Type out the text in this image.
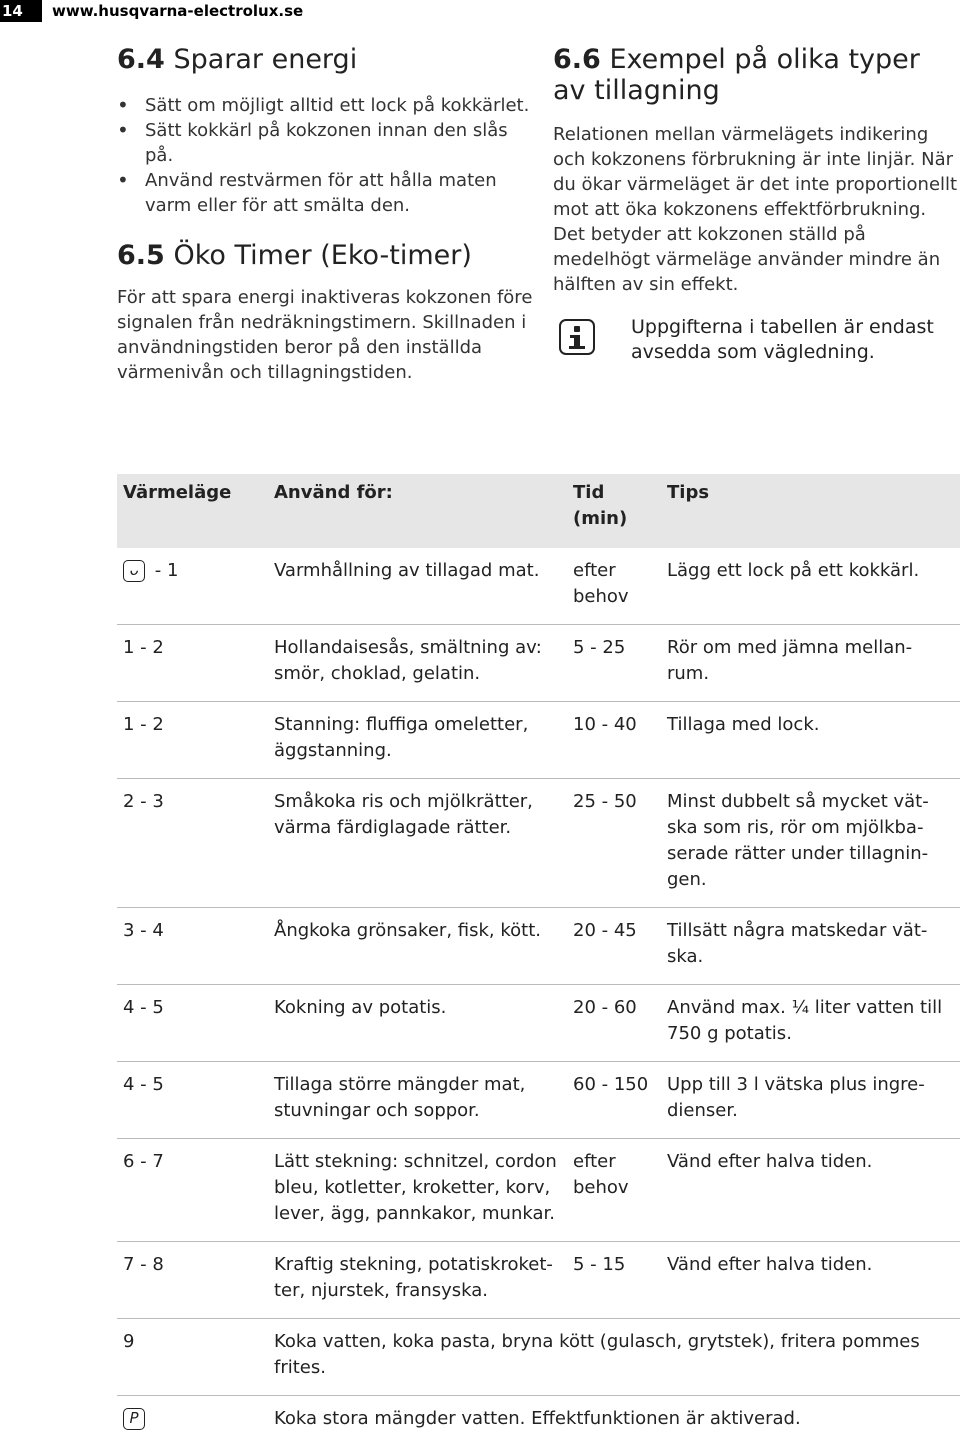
14	www.husqvarna-electrolux.se
6.4 Sparar energi
• Sätt om möjligt alltid ett lock på kokkärlet.
• Sätt kokkärl på kokzonen innan den slås på.
• Använd restvärmen för att hålla maten varm eller för att smälta den.
6.5 Öko Timer (Eko-timer)

För att spara energi inaktiveras kokzonen före signalen från nedräkningstimern. Skillnaden i användningstiden beror på den inställda värmenivån och tillagningstiden.

6.6 Exempel på olika typer av tillagning

Relationen mellan värmelägets indikering och kokzonens förbrukning är inte linjär. När du ökar värmeläget är det inte proportionellt mot att öka kokzonens effektförbrukning. Det betyder att kokzonen ställd på medelhögt värmeläge använder mindre än hälften av sin effekt.

Uppgifterna i tabellen är endast avsedda som vägledning.
Värmeläge	Använd för:	Tid (min)	Tips
ᴗ - 1	Varmhållning av tillagad mat.	efter behov	Lägg ett lock på ett kokkärl.
1 - 2	Hollandaisesås, smältning av: smör, choklad, gelatin.	5 - 25	Rör om med jämna mellan-rum.
1 - 2	Stanning: fluffiga omeletter, äggstanning.	10 - 40	Tillaga med lock.
2 - 3	Småkoka ris och mjölkrätter, värma färdiglagade rätter.	25 - 50	Minst dubbelt så mycket vät-ska som ris, rör om mjölkba-serade rätter under tillagnin-gen.
3 - 4	Ångkoka grönsaker, fisk, kött.	20 - 45	Tillsätt några matskedar vät-ska.
4 - 5	Kokning av potatis.	20 - 60	Använd max. ¼ liter vatten till 750 g potatis.
4 - 5	Tillaga större mängder mat, stuvningar och soppor.	60 - 150	Upp till 3 l vätska plus ingre-dienser.
6 - 7	Lätt stekning: schnitzel, cordon bleu, kotletter, kroketter, korv, lever, ägg, pannkakor, munkar.	efter behov	Vänd efter halva tiden.
7 - 8	Kraftig stekning, potatiskroket-ter, njurstek, fransyska.	5 - 15	Vänd efter halva tiden.
9	Koka vatten, koka pasta, bryna kött (gulasch, grytstek), fritera pommes frites.		
P	Koka stora mängder vatten. Effektfunktionen är aktiverad.		
